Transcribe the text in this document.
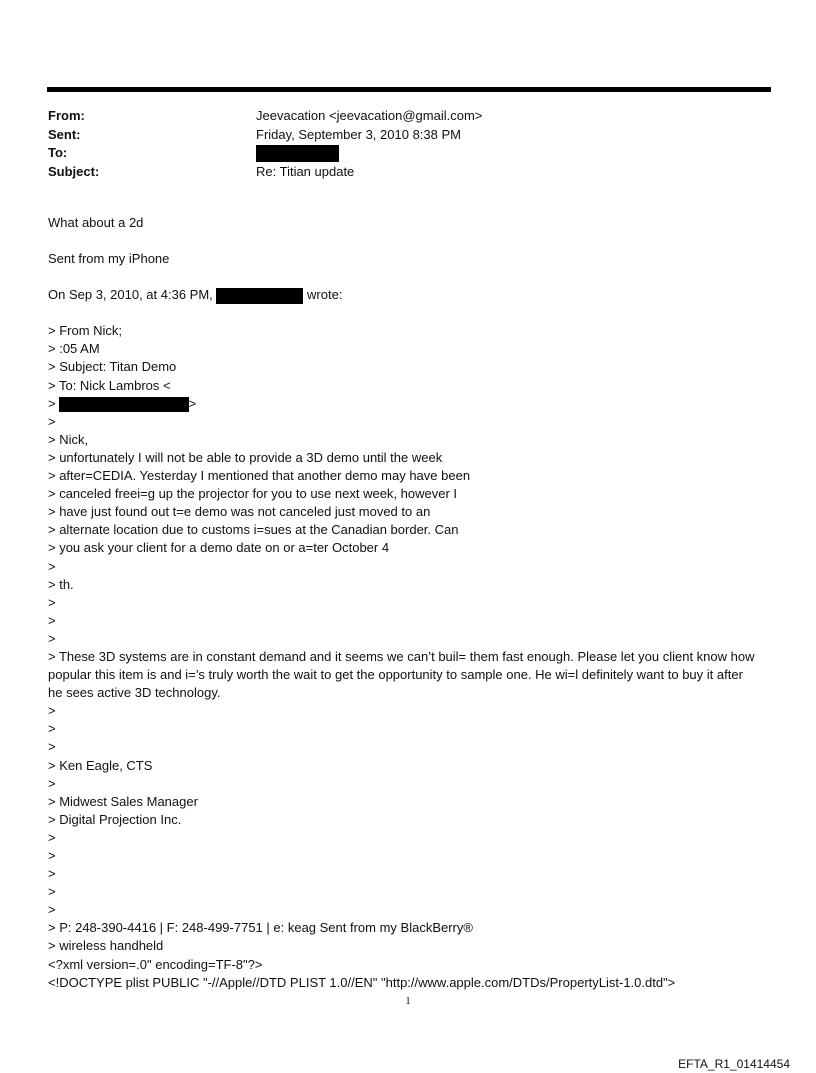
From:	Jeevacation <jeevacation@gmail.com>
Sent:	Friday, September 3, 2010 8:38 PM
To:
Subject:	Re: Titian update
What about a 2d
Sent from my iPhone
On Sep 3, 2010, at 4:36 PM,	wrote:
> From Nick;
> :05 AM
> Subject: Titan Demo
> To: Nick Lambros <
>	>
>
> Nick,
> unfortunately I will not be able to provide a 3D demo until the week
> after=CEDIA. Yesterday I mentioned that another demo may have been
> canceled freei=g up the projector for you to use next week, however I
> have just found out t=e demo was not canceled just moved to an
> alternate location due to customs i=sues at the Canadian border. Can
> you ask your client for a demo date on or a=ter October 4
>
> th.
>
>
>
> These 3D systems are in constant demand and it seems we can’t buil= them fast enough. Please let you client know how popular this item is and i=’s truly worth the wait to get the opportunity to sample one. He wi=l definitely want to buy it after he sees active 3D technology.
>
>
>
> Ken Eagle, CTS
>
> Midwest Sales Manager
> Digital Projection Inc.
>
>
>
>
>
> P: 248-390-4416 | F: 248-499-7751 | e: keag Sent from my BlackBerry®
> wireless handheld
<?xml version=.0" encoding=TF-8"?>
<!DOCTYPE plist PUBLIC "-//Apple//DTD PLIST 1.0//EN" "http://www.apple.com/DTDs/PropertyList-1.0.dtd">
1
EFTA_R1_01414454
